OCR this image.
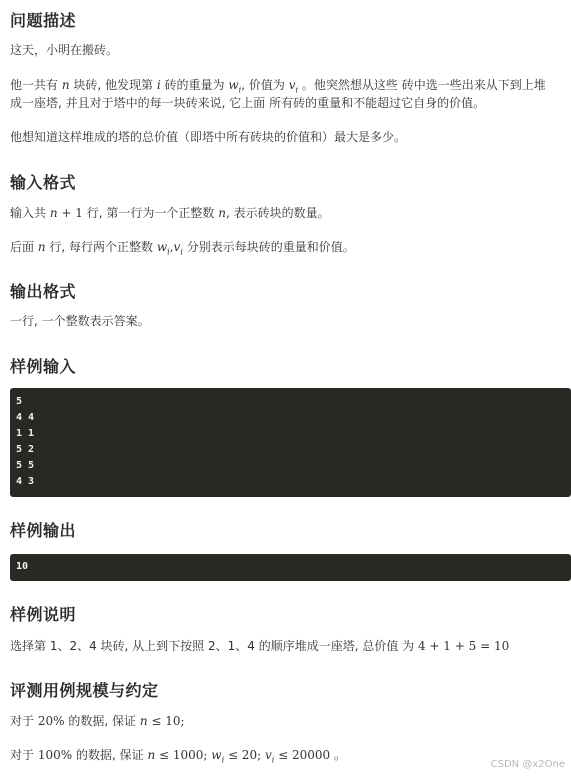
问题描述
这天，小明在搬砖。
他一共有 n 块砖, 他发现第 i 砖的重量为 $w_i$, 价值为 $v_i$ 。他突然想从这些 砖中选一些出来从下到上堆
成一座塔, 并且对于塔中的每一块砖来说, 它上面 所有砖的重量和不能超过它自身的价值。
他想知道这样堆成的塔的总价值（即塔中所有砖块的价值和）最大是多少。
输入格式
输入共 n + 1 行, 第一行为一个正整数 n, 表示砖块的数量。
后面 n 行, 每行两个正整数 $w_i,v_i$ 分别表示每块砖的重量和价值。
输出格式
一行, 一个整数表示答案。
样例输入
5
4 4
1 1
5 2
5 5
4 3
样例输出
10
样例说明
选择第 1、2、4 块砖, 从上到下按照 2、1、4 的顺序堆成一座塔, 总价值 为 4 + 1 + 5 = 10
评测用例规模与约定
对于 20% 的数据, 保证 n ≤ 10;
对于 100% 的数据, 保证 n ≤ 1000; $w_i \le 20$; $v_i \le 20000$ 。
CSDN @x2One
